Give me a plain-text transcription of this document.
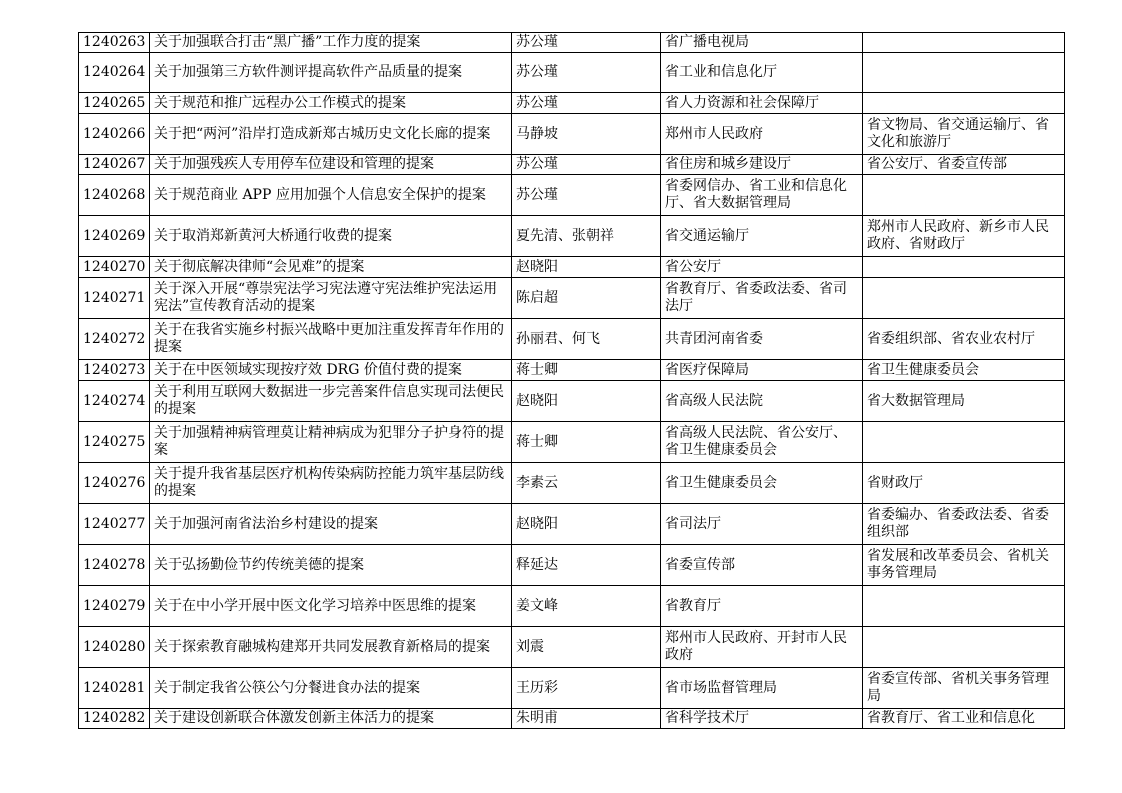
1240263	关于加强联合打击“黑广播”工作力度的提案	苏公瑾	省广播电视局	
1240264	关于加强第三方软件测评提高软件产品质量的提案	苏公瑾	省工业和信息化厅	
1240265	关于规范和推广远程办公工作模式的提案	苏公瑾	省人力资源和社会保障厅	
1240266	关于把“两河”沿岸打造成新郑古城历史文化长廊的提案	马静坡	郑州市人民政府	省文物局、省交通运输厅、省文化和旅游厅
1240267	关于加强残疾人专用停车位建设和管理的提案	苏公瑾	省住房和城乡建设厅	省公安厅、省委宣传部
1240268	关于规范商业 APP 应用加强个人信息安全保护的提案	苏公瑾	省委网信办、省工业和信息化厅、省大数据管理局	
1240269	关于取消郑新黄河大桥通行收费的提案	夏先清、张朝祥	省交通运输厅	郑州市人民政府、新乡市人民政府、省财政厅
1240270	关于彻底解决律师“会见难”的提案	赵晓阳	省公安厅	
1240271	关于深入开展“尊崇宪法学习宪法遵守宪法维护宪法运用宪法”宣传教育活动的提案	陈启超	省教育厅、省委政法委、省司法厅	
1240272	关于在我省实施乡村振兴战略中更加注重发挥青年作用的提案	孙丽君、何飞	共青团河南省委	省委组织部、省农业农村厅
1240273	关于在中医领域实现按疗效 DRG 价值付费的提案	蒋士卿	省医疗保障局	省卫生健康委员会
1240274	关于利用互联网大数据进一步完善案件信息实现司法便民的提案	赵晓阳	省高级人民法院	省大数据管理局
1240275	关于加强精神病管理莫让精神病成为犯罪分子护身符的提案	蒋士卿	省高级人民法院、省公安厅、省卫生健康委员会	
1240276	关于提升我省基层医疗机构传染病防控能力筑牢基层防线的提案	李素云	省卫生健康委员会	省财政厅
1240277	关于加强河南省法治乡村建设的提案	赵晓阳	省司法厅	省委编办、省委政法委、省委组织部
1240278	关于弘扬勤俭节约传统美德的提案	释延达	省委宣传部	省发展和改革委员会、省机关事务管理局
1240279	关于在中小学开展中医文化学习培养中医思维的提案	姜文峰	省教育厅	
1240280	关于探索教育融城构建郑开共同发展教育新格局的提案	刘震	郑州市人民政府、开封市人民政府	
1240281	关于制定我省公筷公勺分餐进食办法的提案	王历彩	省市场监督管理局	省委宣传部、省机关事务管理局
1240282	关于建设创新联合体激发创新主体活力的提案	朱明甫	省科学技术厅	省教育厅、省工业和信息化
